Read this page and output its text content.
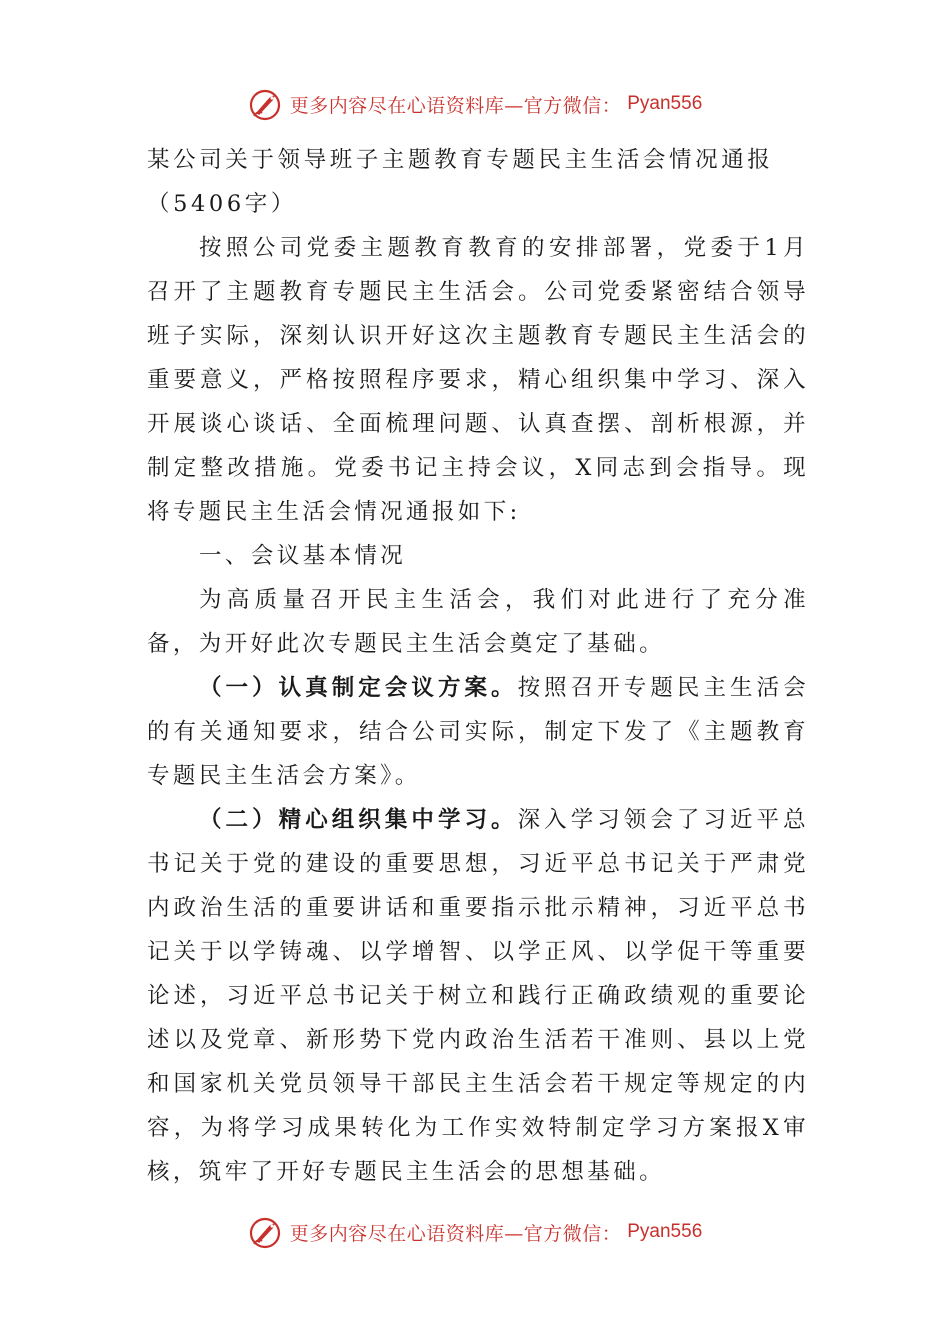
更多内容尽在心语资料库—官方微信： Pyan556

某公司关于领导班子主题教育专题民主生活会情况通报

（5406字）

按照公司党委主题教育教育的安排部署，党委于1月召开了主题教育专题民主生活会。公司党委紧密结合领导班子实际，深刻认识开好这次主题教育专题民主生活会的重要意义，严格按照程序要求，精心组织集中学习、深入开展谈心谈话、全面梳理问题、认真查摆、剖析根源，并制定整改措施。党委书记主持会议，X同志到会指导。现将专题民主生活会情况通报如下:

一、会议基本情况

为高质量召开民主生活会，我们对此进行了充分准备，为开好此次专题民主生活会奠定了基础。

（一）认真制定会议方案。按照召开专题民主生活会的有关通知要求，结合公司实际，制定下发了《主题教育专题民主生活会方案》。

（二）精心组织集中学习。深入学习领会了习近平总书记关于党的建设的重要思想，习近平总书记关于严肃党内政治生活的重要讲话和重要指示批示精神，习近平总书记关于以学铸魂、以学增智、以学正风、以学促干等重要论述，习近平总书记关于树立和践行正确政绩观的重要论述以及党章、新形势下党内政治生活若干准则、县以上党和国家机关党员领导干部民主生活会若干规定等规定的内容，为将学习成果转化为工作实效特制定学习方案报X审核，筑牢了开好专题民主生活会的思想基础。

更多内容尽在心语资料库—官方微信： Pyan556
